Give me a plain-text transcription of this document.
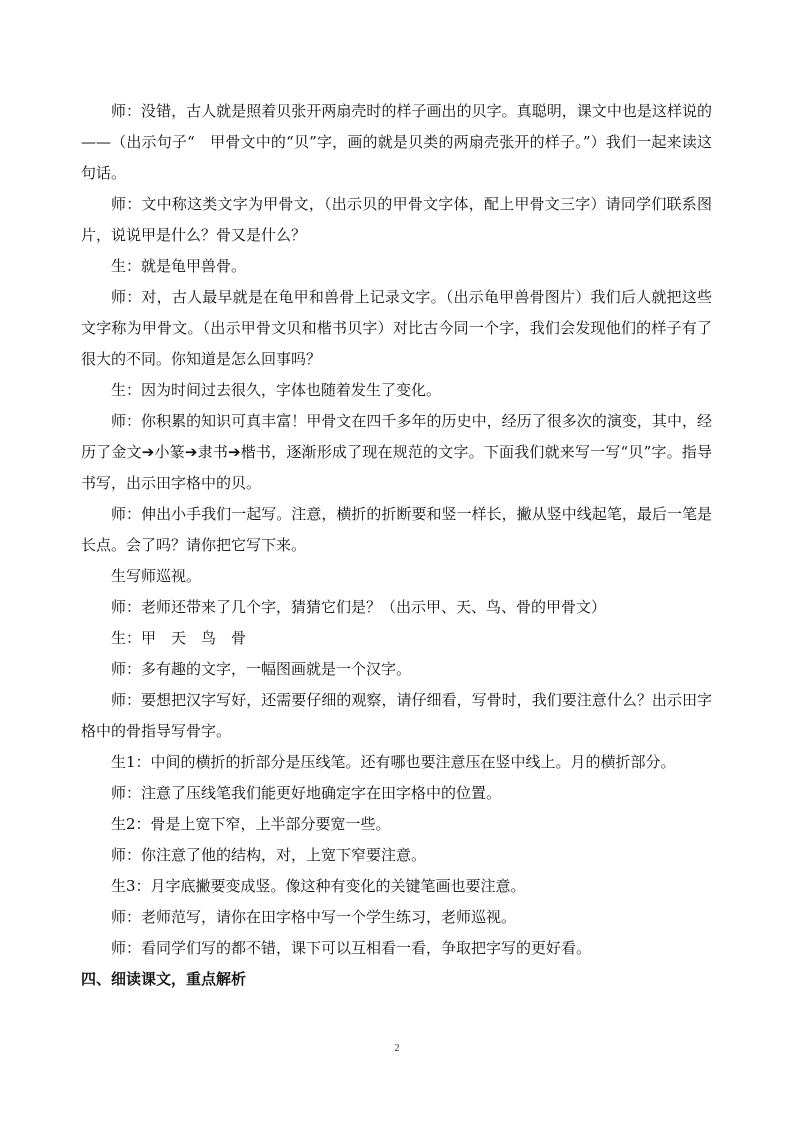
师：没错，古人就是照着贝张开两扇壳时的样子画出的贝字。真聪明，课文中也是这样说的——（出示句子“　甲骨文中的“贝”字，画的就是贝类的两扇壳张开的样子。”）我们一起来读这句话。

师：文中称这类文字为甲骨文，（出示贝的甲骨文字体，配上甲骨文三字）请同学们联系图片，说说甲是什么？骨又是什么？

生：就是龟甲兽骨。

师：对，古人最早就是在龟甲和兽骨上记录文字。（出示龟甲兽骨图片）我们后人就把这些文字称为甲骨文。（出示甲骨文贝和楷书贝字）对比古今同一个字，我们会发现他们的样子有了很大的不同。你知道是怎么回事吗？

生：因为时间过去很久，字体也随着发生了变化。

师：你积累的知识可真丰富！甲骨文在四千多年的历史中，经历了很多次的演变，其中，经历了金文➔小篆➔隶书➔楷书，逐渐形成了现在规范的文字。下面我们就来写一写“贝”字。指导书写，出示田字格中的贝。

师：伸出小手我们一起写。注意，横折的折断要和竖一样长，撇从竖中线起笔，最后一笔是长点。会了吗？请你把它写下来。

生写师巡视。

师：老师还带来了几个字，猜猜它们是？（出示甲、天、鸟、骨的甲骨文）

生：甲　天　鸟　骨

师：多有趣的文字，一幅图画就是一个汉字。

师：要想把汉字写好，还需要仔细的观察，请仔细看，写骨时，我们要注意什么？出示田字格中的骨指导写骨字。

生1：中间的横折的折部分是压线笔。还有哪也要注意压在竖中线上。月的横折部分。

师：注意了压线笔我们能更好地确定字在田字格中的位置。

生2：骨是上宽下窄，上半部分要宽一些。

师：你注意了他的结构，对，上宽下窄要注意。

生3：月字底撇要变成竖。像这种有变化的关键笔画也要注意。

师：老师范写，请你在田字格中写一个学生练习，老师巡视。

师：看同学们写的都不错，课下可以互相看一看，争取把字写的更好看。

四、细读课文，重点解析

2
